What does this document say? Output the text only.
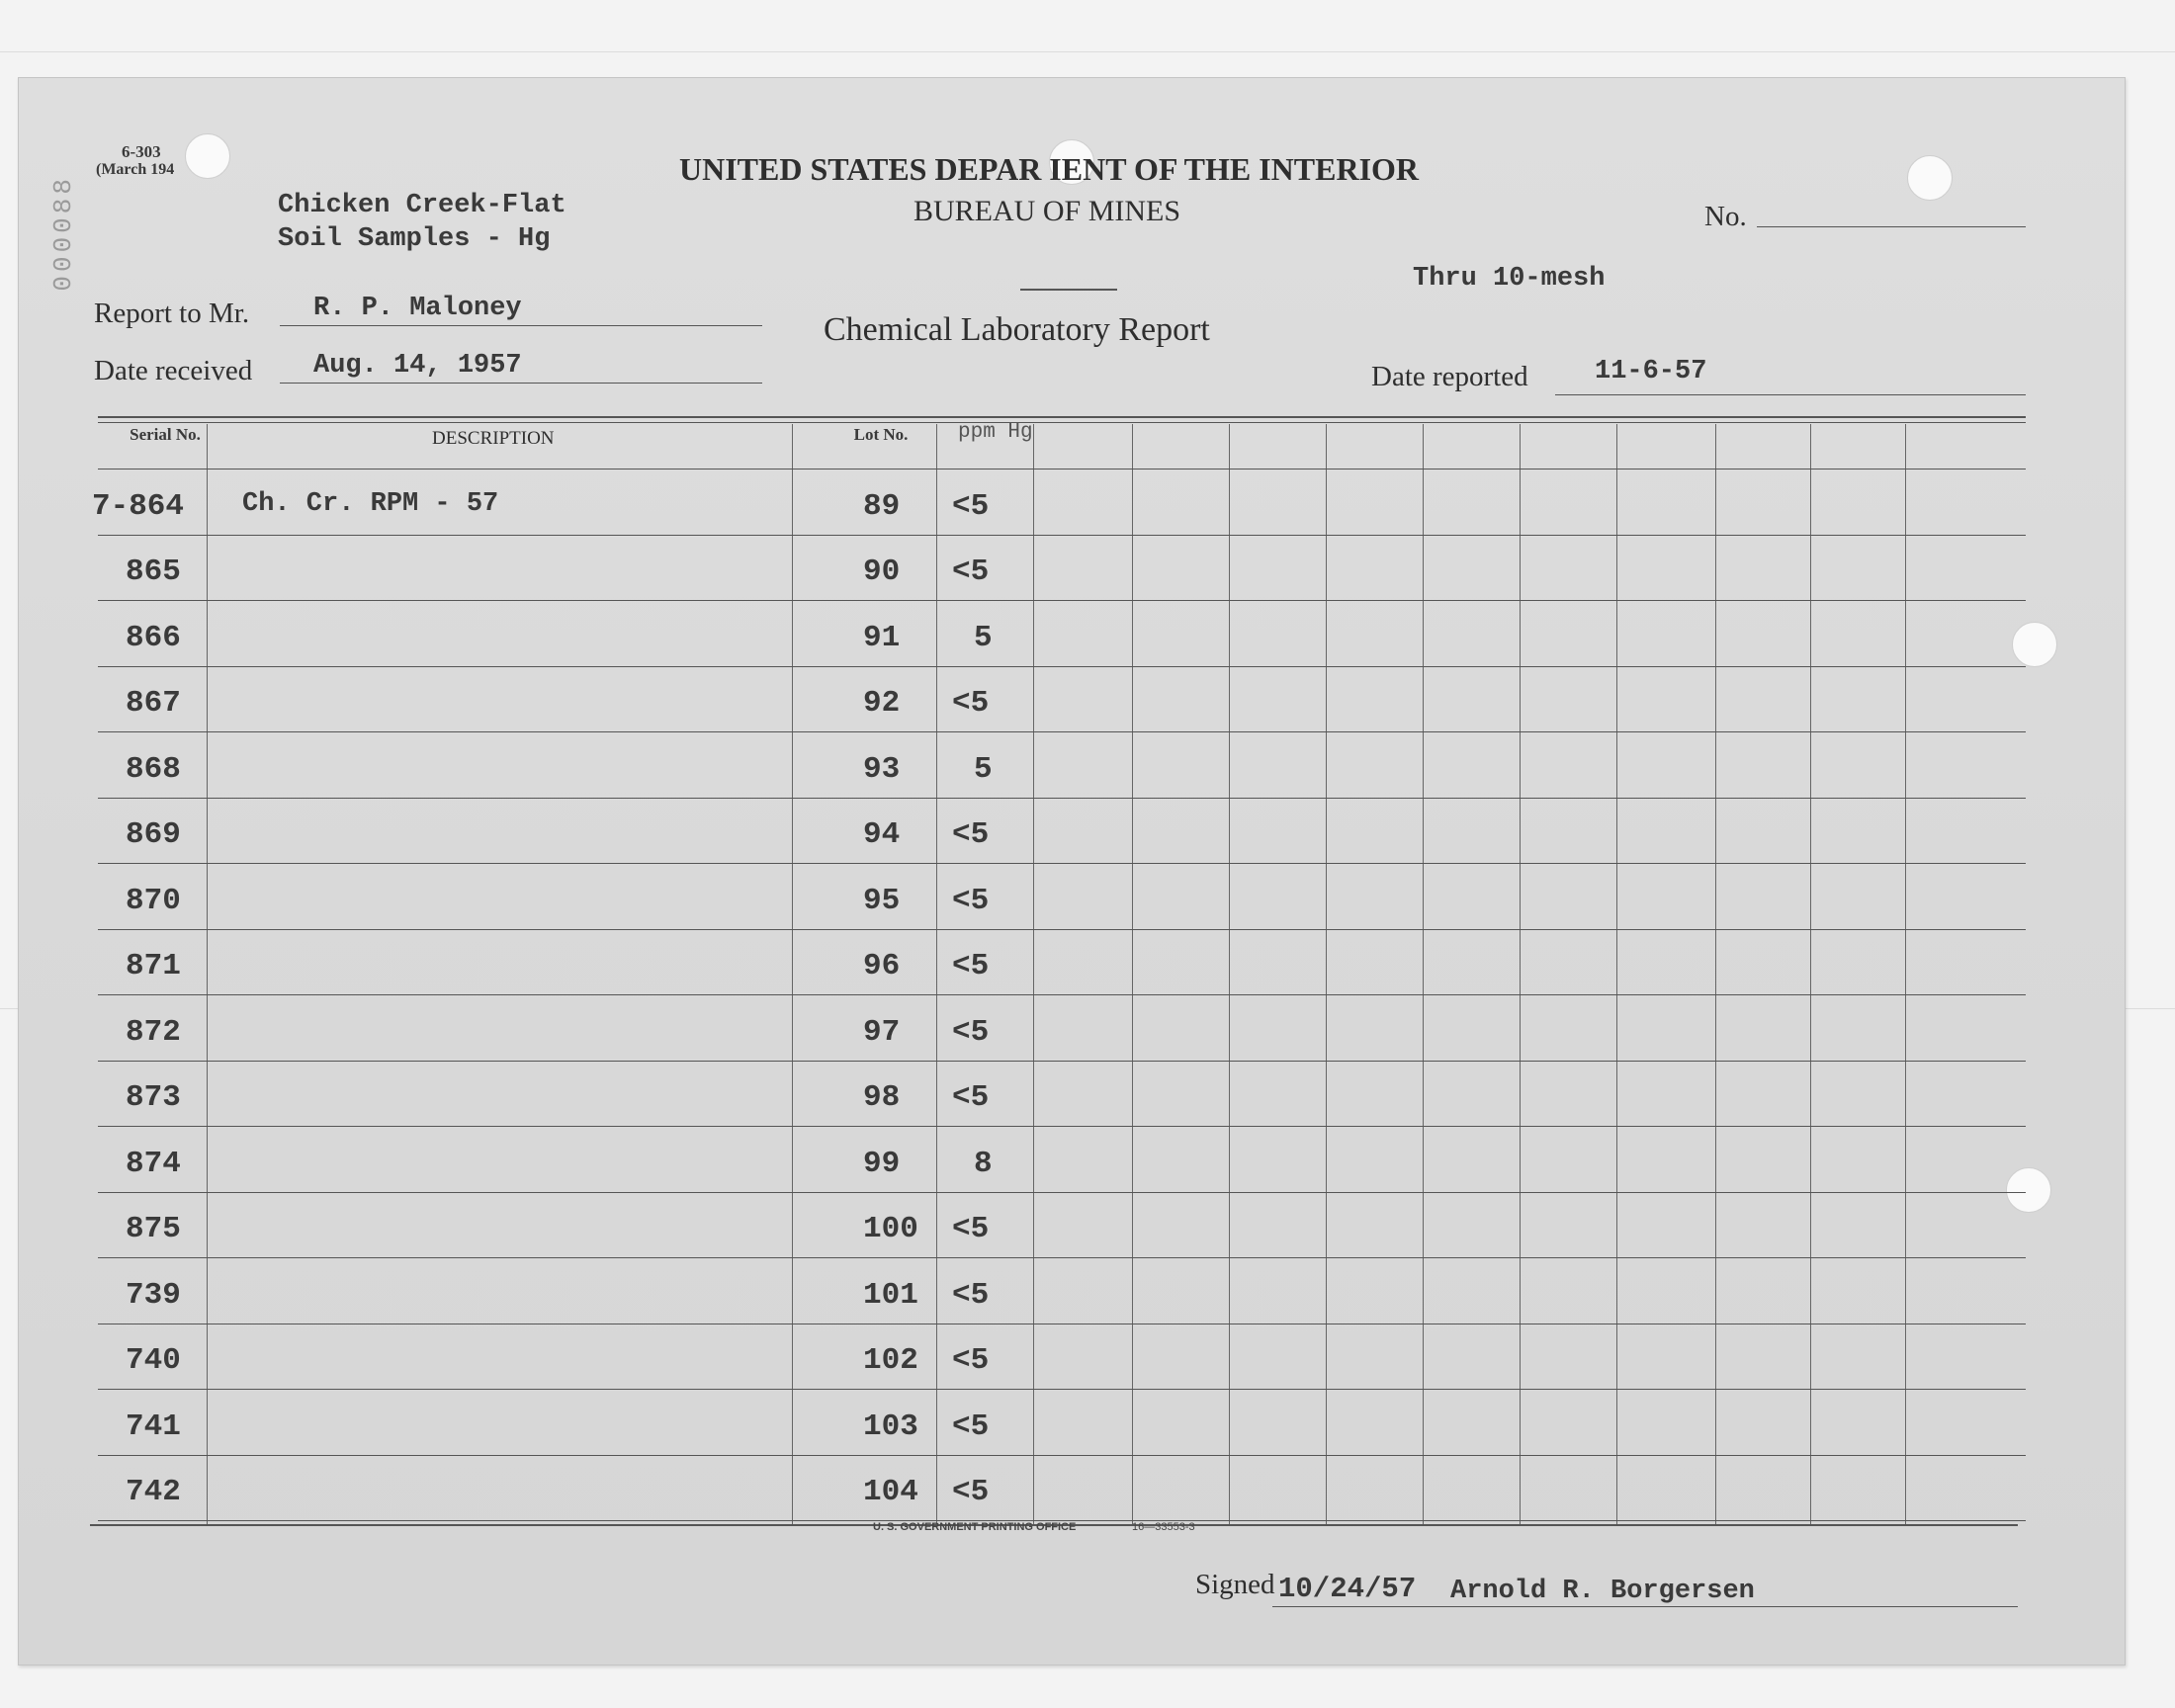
6-303
(March 194
000088
UNITED STATES DEPAR IENT OF THE INTERIOR
BUREAU OF MINES
Chemical Laboratory Report
No.
Thru 10-mesh
Chicken Creek-Flat
Soil Samples - Hg
Report to Mr. R. P. Maloney
Date received Aug. 14, 1957	Date reported 11-6-57
Serial No.	DESCRIPTION	Lot No. ppm Hg
7-864 Ch. Cr. RPM - 57	89 <5
865	90 <5
866	91 5
867	92 <5
868	93 5
869	94 <5
870	95 <5
871	96 <5
872	97 <5
873	98 <5
874	99 8
875	100 <5
739	101 <5
740	102 <5
741	103 <5
742	104 <5
U. S. GOVERNMENT PRINTING OFFICE	16—33553-3
Signed 10/24/57 Arnold R. Borgersen
